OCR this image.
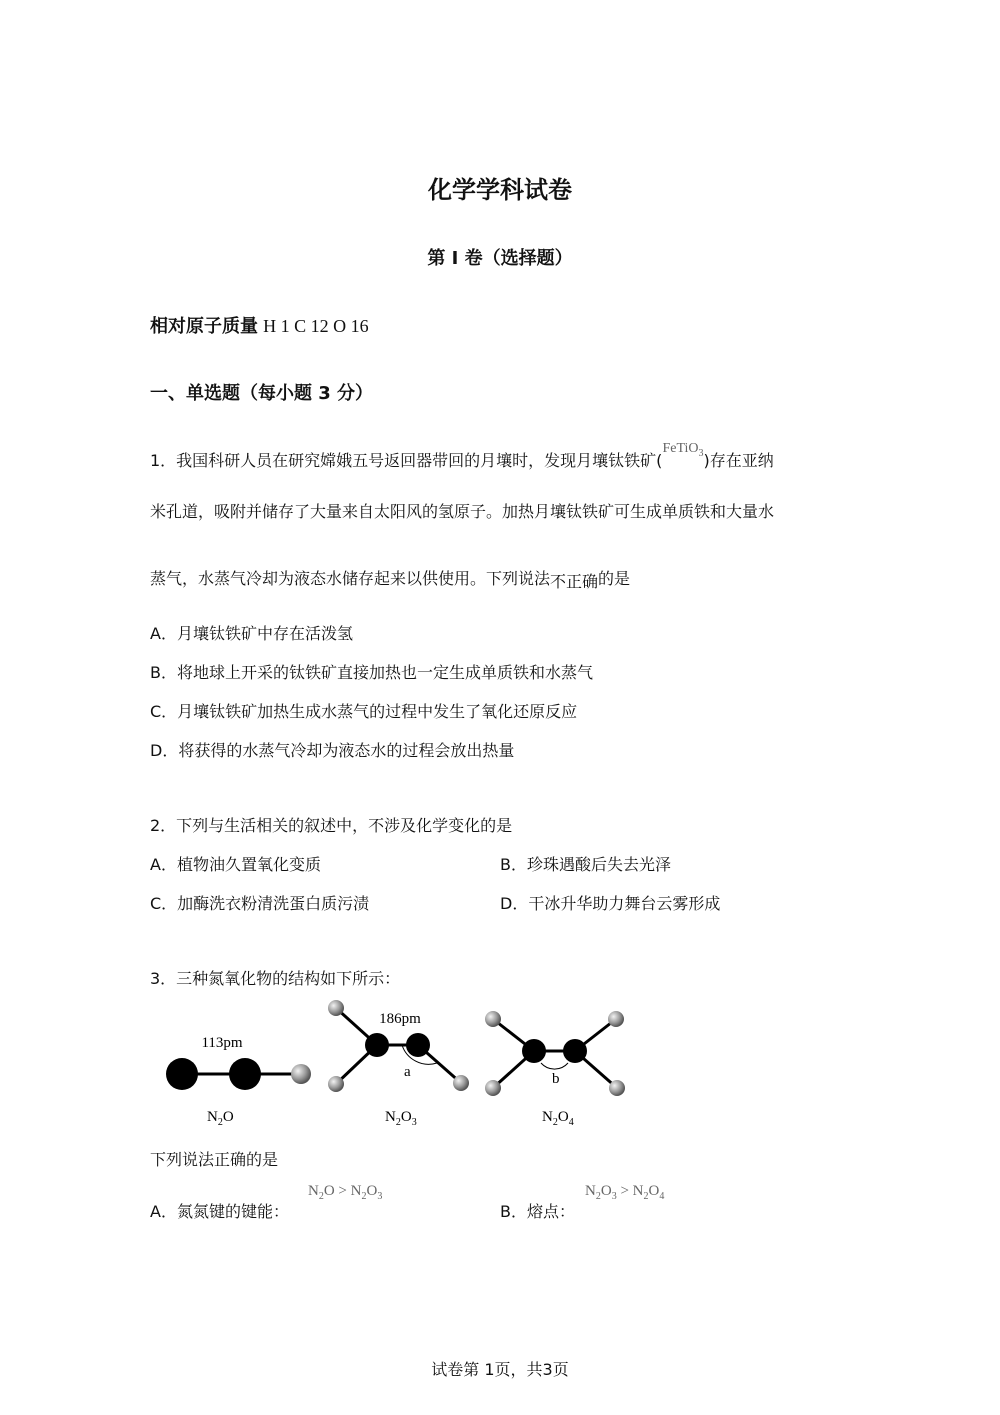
化学学科试卷
第 I 卷（选择题）
相对原子质量 H 1 C 12 O 16
一、单选题（每小题 3 分）
1．我国科研人员在研究嫦娥五号返回器带回的月壤时，发现月壤钛铁矿(FeTiO$_3$)存在亚纳
米孔道，吸附并储存了大量来自太阳风的氢原子。加热月壤钛铁矿可生成单质铁和大量水
蒸气，水蒸气冷却为液态水储存起来以供使用。下列说法不正确的是
A．月壤钛铁矿中存在活泼氢
B．将地球上开采的钛铁矿直接加热也一定生成单质铁和水蒸气
C．月壤钛铁矿加热生成水蒸气的过程中发生了氧化还原反应
D．将获得的水蒸气冷却为液态水的过程会放出热量
2．下列与生活相关的叙述中，不涉及化学变化的是
A．植物油久置氧化变质	B．珍珠遇酸后失去光泽
C．加酶洗衣粉清洗蛋白质污渍	D．干冰升华助力舞台云雾形成
3．三种氮氧化物的结构如下所示：
113pm
$N_2O$
186pm
a
$N_2O_3$
b
$N_2O_4$
下列说法正确的是
A．氮氮键的键能：
$N_2O > N_2O_3$
B．熔点：
$N_2O_3 > N_2O_4$
试卷第 1页，共3页
